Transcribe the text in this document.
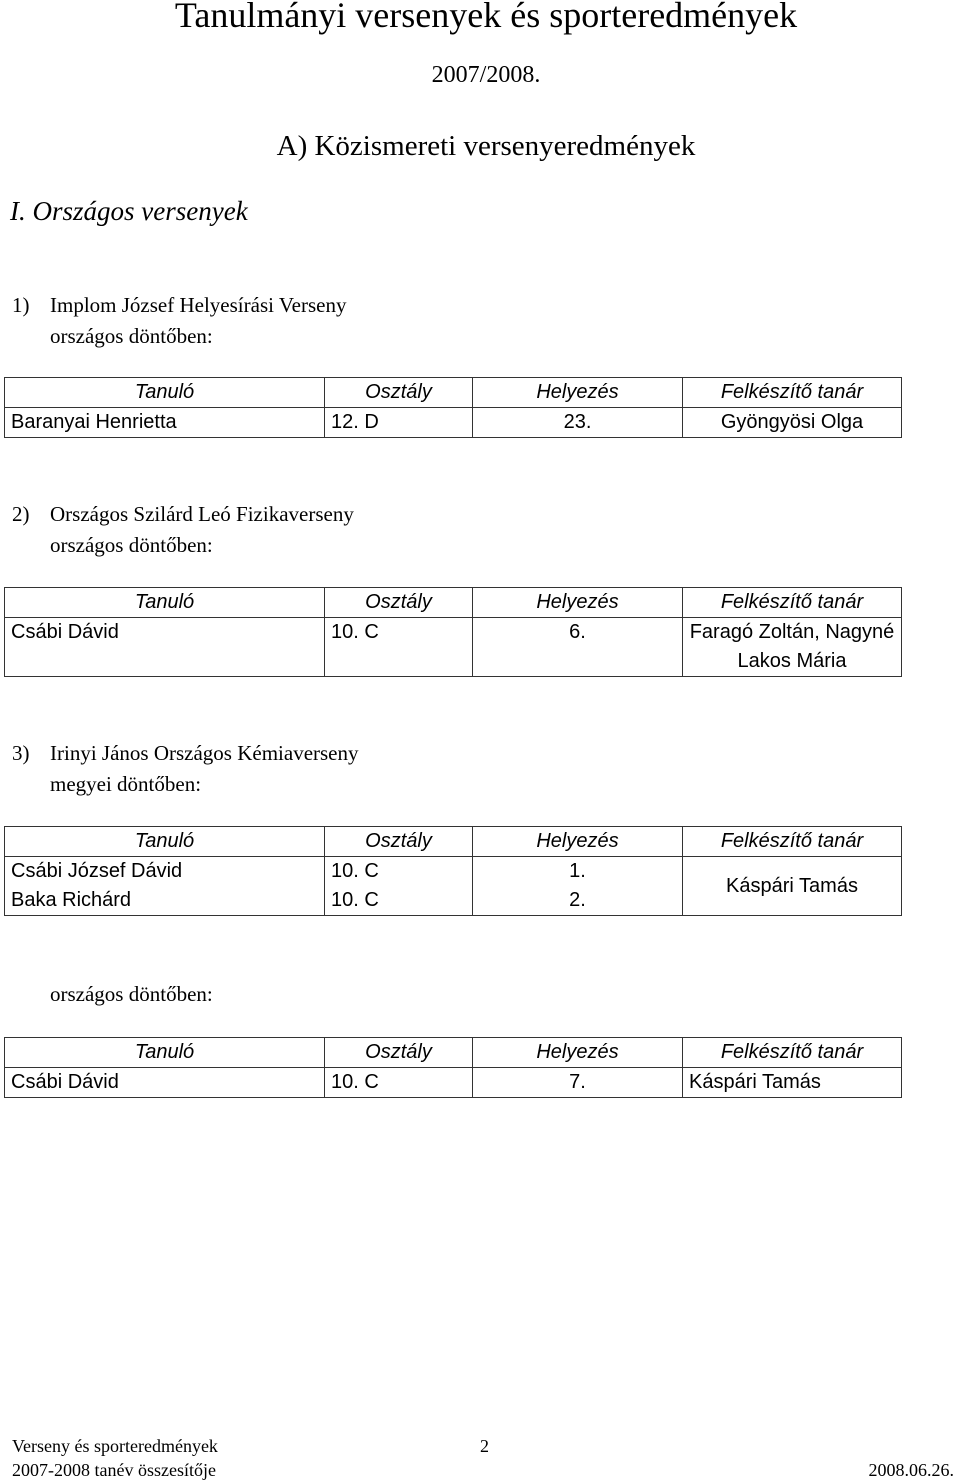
Tanulmányi versenyek és sporteredmények
2007/2008.
A) Közismereti versenyeredmények
I. Országos versenyek
1) Implom József Helyesírási Verseny
országos döntőben:
Tanuló	Osztály	Helyezés	Felkészítő tanár
Baranyai Henrietta	12. D	23.	Gyöngyösi Olga
2) Országos Szilárd Leó Fizikaverseny
országos döntőben:
Tanuló	Osztály	Helyezés	Felkészítő tanár
Csábi Dávid	10. C	6.	Faragó Zoltán, Nagyné Lakos Mária
3) Irinyi János Országos Kémiaverseny
megyei döntőben:
Tanuló	Osztály	Helyezés	Felkészítő tanár
Csábi József Dávid	10. C	1.	Káspári Tamás
Baka Richárd	10. C	2.	
országos döntőben:
Tanuló	Osztály	Helyezés	Felkészítő tanár
Csábi Dávid	10. C	7.	Káspári Tamás
Verseny és sporteredmények	2
2007-2008 tanév összesítője	2008.06.26.
